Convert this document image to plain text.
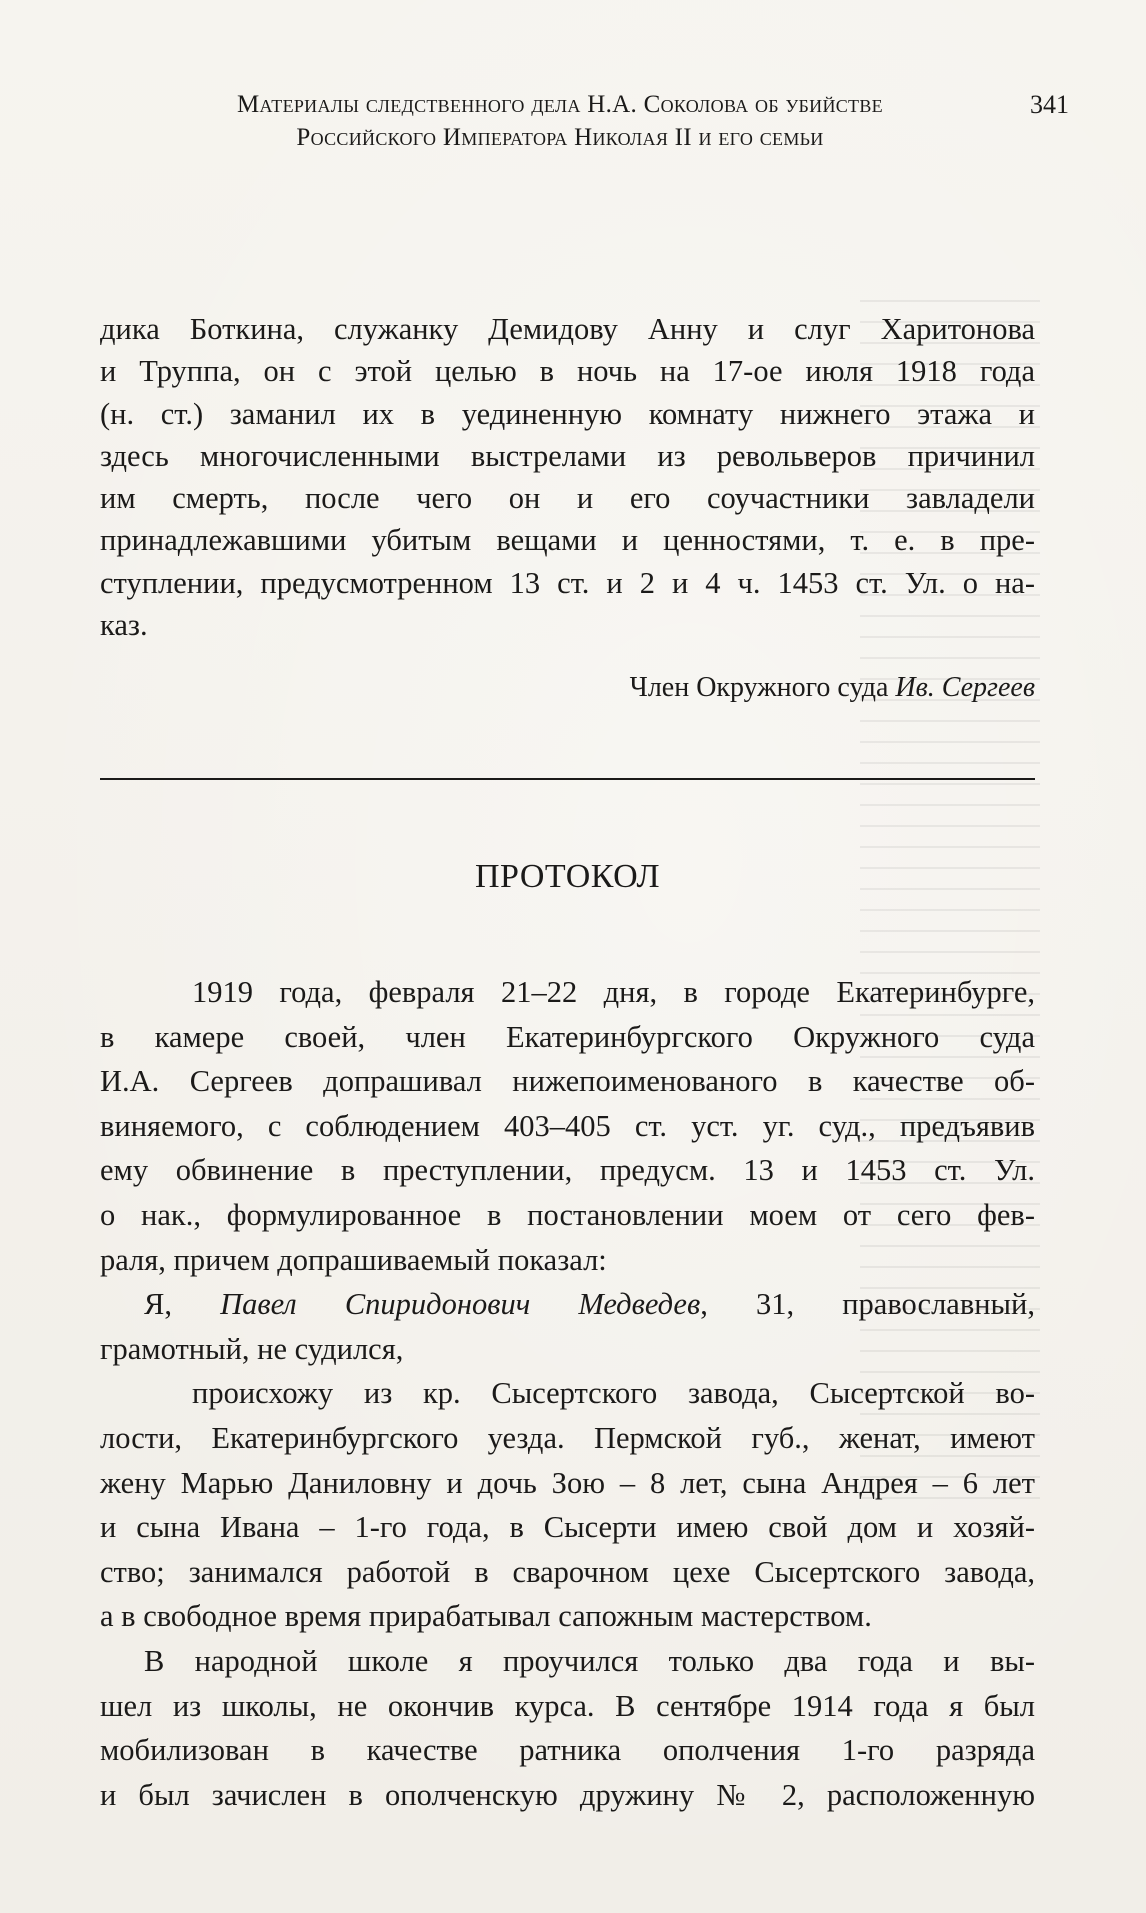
Материалы следственного дела Н.А. Соколова об убийстве
Российского Императора Николая II и его семьи
341
дика Боткина, служанку Демидову Анну и слуг Харитонова
и Труппа, он с этой целью в ночь на 17-ое июля 1918 года
(н. ст.) заманил их в уединенную комнату нижнего этажа и
здесь многочисленными выстрелами из револьверов причинил
им смерть, после чего он и его соучастники завладели
принадлежавшими убитым вещами и ценностями, т. е. в пре-
ступлении, предусмотренном 13 ст. и 2 и 4 ч. 1453 ст. Ул. о на-
каз.
Член Окружного суда Ив. Сергеев
ПРОТОКОЛ
1919 года, февраля 21–22 дня, в городе Екатеринбурге,
в камере своей, член Екатеринбургского Окружного суда
И.А. Сергеев допрашивал нижепоименованого в качестве об-
виняемого, с соблюдением 403–405 ст. уст. уг. суд., предъявив
ему обвинение в преступлении, предусм. 13 и 1453 ст. Ул.
о нак., формулированное в постановлении моем от сего фев-
раля, причем допрашиваемый показал:
Я, Павел Спиридонович Медведев, 31, православный,
грамотный, не судился,
происхожу из кр. Сысертского завода, Сысертской во-
лости, Екатеринбургского уезда. Пермской губ., женат, имеют
жену Марью Даниловну и дочь Зою – 8 лет, сына Андрея – 6 лет
и сына Ивана – 1-го года, в Сысерти имею свой дом и хозяй-
ство; занимался работой в сварочном цехе Сысертского завода,
а в свободное время прирабатывал сапожным мастерством.
В народной школе я проучился только два года и вы-
шел из школы, не окончив курса. В сентябре 1914 года я был
мобилизован в качестве ратника ополчения 1-го разряда
и был зачислен в ополченскую дружину № 2, расположенную
